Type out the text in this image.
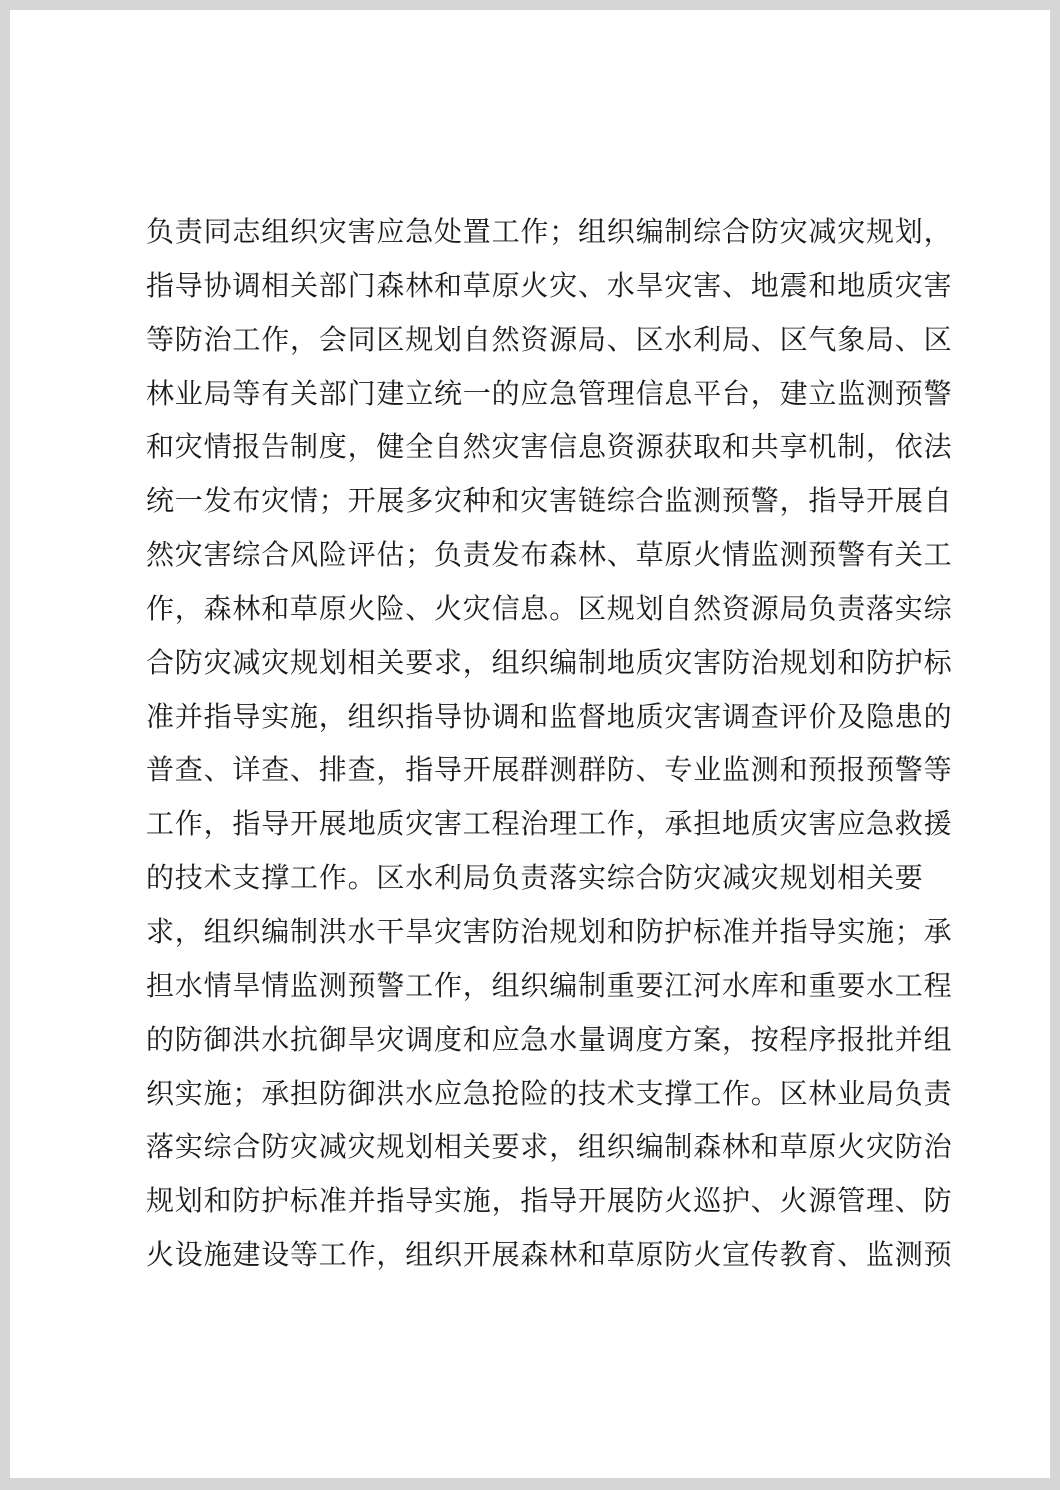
负责同志组织灾害应急处置工作；组织编制综合防灾减灾规划，
指导协调相关部门森林和草原火灾、水旱灾害、地震和地质灾害
等防治工作，会同区规划自然资源局、区水利局、区气象局、区
林业局等有关部门建立统一的应急管理信息平台，建立监测预警
和灾情报告制度，健全自然灾害信息资源获取和共享机制，依法
统一发布灾情；开展多灾种和灾害链综合监测预警，指导开展自
然灾害综合风险评估；负责发布森林、草原火情监测预警有关工
作，森林和草原火险、火灾信息。区规划自然资源局负责落实综
合防灾减灾规划相关要求，组织编制地质灾害防治规划和防护标
准并指导实施，组织指导协调和监督地质灾害调查评价及隐患的
普查、详查、排查，指导开展群测群防、专业监测和预报预警等
工作，指导开展地质灾害工程治理工作，承担地质灾害应急救援
的技术支撑工作。区水利局负责落实综合防灾减灾规划相关要
求，组织编制洪水干旱灾害防治规划和防护标准并指导实施；承
担水情旱情监测预警工作，组织编制重要江河水库和重要水工程
的防御洪水抗御旱灾调度和应急水量调度方案，按程序报批并组
织实施；承担防御洪水应急抢险的技术支撑工作。区林业局负责
落实综合防灾减灾规划相关要求，组织编制森林和草原火灾防治
规划和防护标准并指导实施，指导开展防火巡护、火源管理、防
火设施建设等工作，组织开展森林和草原防火宣传教育、监测预
